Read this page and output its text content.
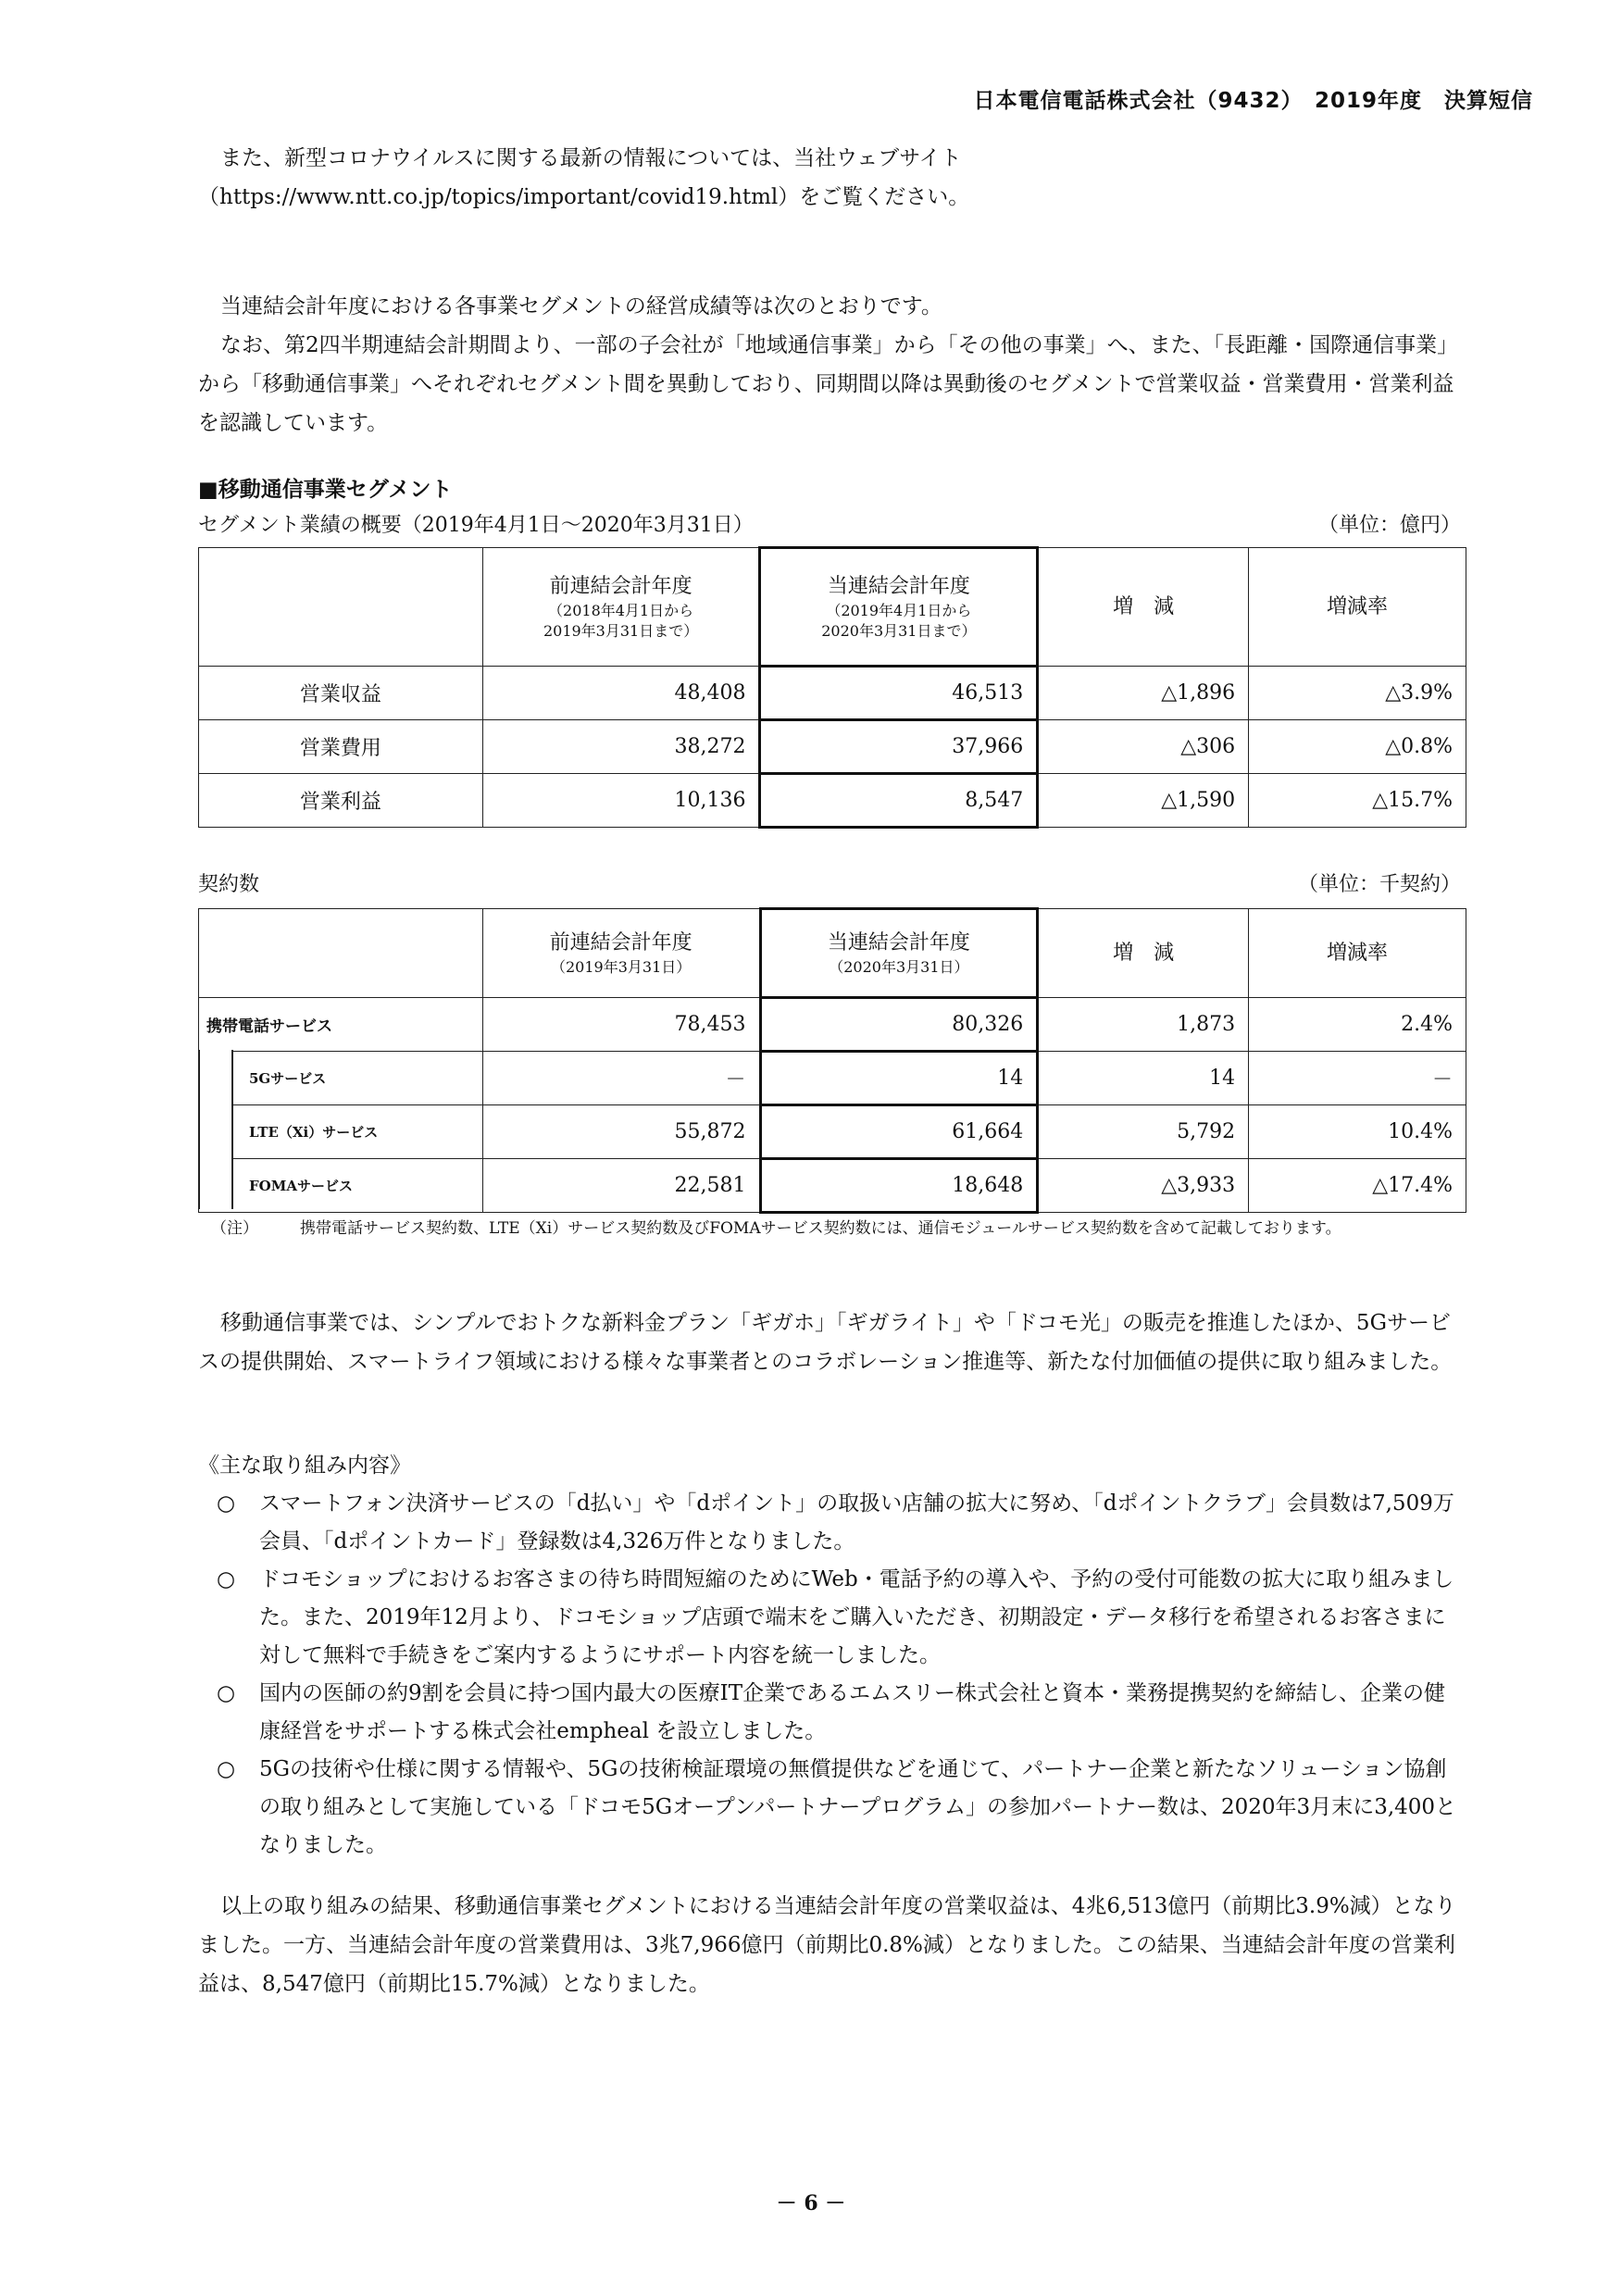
日本電信電話株式会社（9432）　2019年度　決算短信
また、新型コロナウイルスに関する最新の情報については、当社ウェブサイト
（https://www.ntt.co.jp/topics/important/covid19.html）をご覧ください。
当連結会計年度における各事業セグメントの経営成績等は次のとおりです。
なお、第2四半期連結会計期間より、一部の子会社が「地域通信事業」から「その他の事業」へ、また、「長距離・国際通信事業」から「移動通信事業」へそれぞれセグメント間を異動しており、同期間以降は異動後のセグメントで営業収益・営業費用・営業利益を認識しています。
■移動通信事業セグメント
セグメント業績の概要（2019年4月1日～2020年3月31日）	（単位：億円）
	前連結会計年度
（2018年4月1日から
2019年3月31日まで）	当連結会計年度
（2019年4月1日から
2020年3月31日まで）	増　減	増減率
営業収益	48,408	46,513	△1,896	△3.9%
営業費用	38,272	37,966	△306	△0.8%
営業利益	10,136	8,547	△1,590	△15.7%
契約数	（単位：千契約）
	前連結会計年度
（2019年3月31日）	当連結会計年度
（2020年3月31日）	増　減	増減率
携帯電話サービス	78,453	80,326	1,873	2.4%
5Gサービス	－	14	14	－
LTE（Xi）サービス	55,872	61,664	5,792	10.4%
FOMAサービス	22,581	18,648	△3,933	△17.4%
（注）	携帯電話サービス契約数、LTE（Xi）サービス契約数及びFOMAサービス契約数には、通信モジュールサービス契約数を含めて記載しております。
移動通信事業では、シンプルでおトクな新料金プラン「ギガホ」「ギガライト」や「ドコモ光」の販売を推進したほか、5Gサービスの提供開始、スマートライフ領域における様々な事業者とのコラボレーション推進等、新たな付加価値の提供に取り組みました。
《主な取り組み内容》
○ スマートフォン決済サービスの「d払い」や「dポイント」の取扱い店舗の拡大に努め、「dポイントクラブ」会員数は7,509万会員、「dポイントカード」登録数は4,326万件となりました。
○ ドコモショップにおけるお客さまの待ち時間短縮のためにWeb・電話予約の導入や、予約の受付可能数の拡大に取り組みました。また、2019年12月より、ドコモショップ店頭で端末をご購入いただき、初期設定・データ移行を希望されるお客さまに対して無料で手続きをご案内するようにサポート内容を統一しました。
○ 国内の医師の約9割を会員に持つ国内最大の医療IT企業であるエムスリー株式会社と資本・業務提携契約を締結し、企業の健康経営をサポートする株式会社empheal を設立しました。
○ 5Gの技術や仕様に関する情報や、5Gの技術検証環境の無償提供などを通じて、パートナー企業と新たなソリューション協創の取り組みとして実施している「ドコモ5Gオープンパートナープログラム」の参加パートナー数は、2020年3月末に3,400となりました。
以上の取り組みの結果、移動通信事業セグメントにおける当連結会計年度の営業収益は、4兆6,513億円（前期比3.9%減）となりました。一方、当連結会計年度の営業費用は、3兆7,966億円（前期比0.8%減）となりました。この結果、当連結会計年度の営業利益は、8,547億円（前期比15.7%減）となりました。
－ 6 －
